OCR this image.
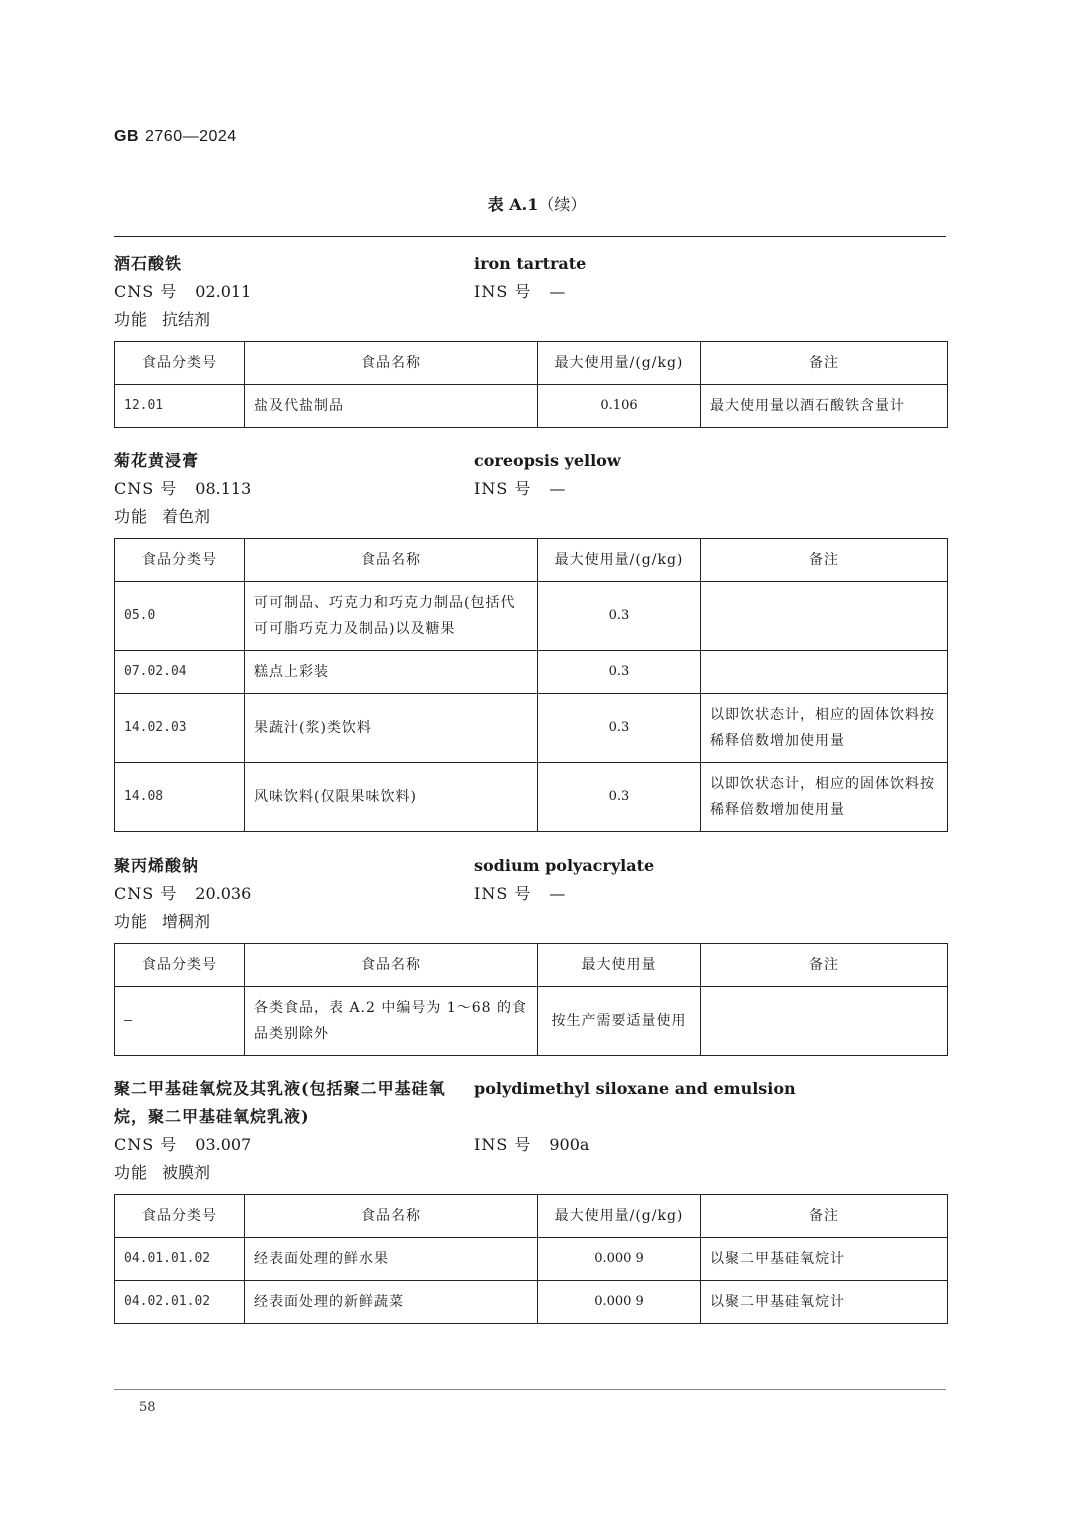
GB 2760—2024
表 A.1（续）
酒石酸铁	iron tartrate
CNS 号 02.011	INS 号 —
功能 抗结剂
食品分类号	食品名称	最大使用量/(g/kg)	备注
12.01	盐及代盐制品	0.106	最大使用量以酒石酸铁含量计
菊花黄浸膏	coreopsis yellow
CNS 号 08.113	INS 号 —
功能 着色剂
食品分类号	食品名称	最大使用量/(g/kg)	备注
05.0	可可制品、巧克力和巧克力制品(包括代可可脂巧克力及制品)以及糖果	0.3	
07.02.04	糕点上彩装	0.3	
14.02.03	果蔬汁(浆)类饮料	0.3	以即饮状态计，相应的固体饮料按稀释倍数增加使用量
14.08	风味饮料(仅限果味饮料)	0.3	以即饮状态计，相应的固体饮料按稀释倍数增加使用量
聚丙烯酸钠	sodium polyacrylate
CNS 号 20.036	INS 号 —
功能 增稠剂
食品分类号	食品名称	最大使用量	备注
—	各类食品，表 A.2 中编号为 1～68 的食品类别除外	按生产需要适量使用	
聚二甲基硅氧烷及其乳液(包括聚二甲基硅氧烷，聚二甲基硅氧烷乳液)
polydimethyl siloxane and emulsion
CNS 号 03.007	INS 号 900a
功能 被膜剂
食品分类号	食品名称	最大使用量/(g/kg)	备注
04.01.01.02	经表面处理的鲜水果	0.000 9	以聚二甲基硅氧烷计
04.02.01.02	经表面处理的新鲜蔬菜	0.000 9	以聚二甲基硅氧烷计
58
